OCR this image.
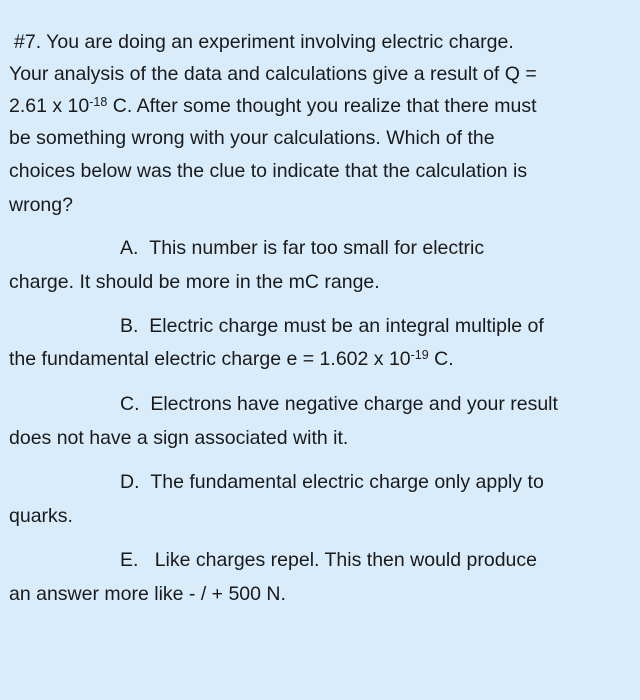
#7. You are doing an experiment involving electric charge.
Your analysis of the data and calculations give a result of Q =
2.61 x $10^{-18}$ C. After some thought you realize that there must
be something wrong with your calculations. Which of the
choices below was the clue to indicate that the calculation is
wrong?
A. This number is far too small for electric
charge. It should be more in the mC range.
B. Electric charge must be an integral multiple of
the fundamental electric charge e = 1.602 x $10^{-19}$ C.
C. Electrons have negative charge and your result
does not have a sign associated with it.
D. The fundamental electric charge only apply to
quarks.
E.   Like charges repel. This then would produce
an answer more like - / + 500 N.
